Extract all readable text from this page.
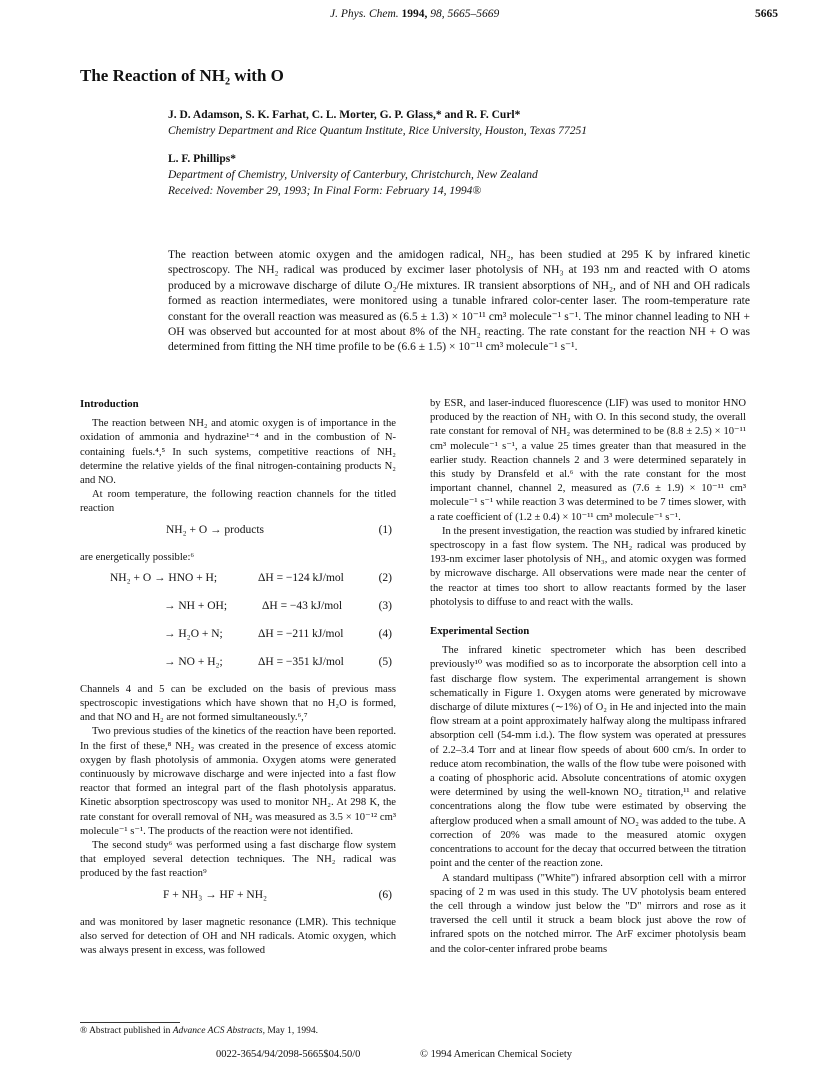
J. Phys. Chem. 1994, 98, 5665–5669	5665
The Reaction of NH₂ with O
J. D. Adamson, S. K. Farhat, C. L. Morter, G. P. Glass,* and R. F. Curl*
Chemistry Department and Rice Quantum Institute, Rice University, Houston, Texas 77251
L. F. Phillips*
Department of Chemistry, University of Canterbury, Christchurch, New Zealand
Received: November 29, 1993; In Final Form: February 14, 1994®
The reaction between atomic oxygen and the amidogen radical, NH₂, has been studied at 295 K by infrared kinetic spectroscopy. The NH₂ radical was produced by excimer laser photolysis of NH₃ at 193 nm and reacted with O atoms produced by a microwave discharge of dilute O₂/He mixtures. IR transient absorptions of NH₂, and of NH and OH radicals formed as reaction intermediates, were monitored using a tunable infrared color-center laser. The room-temperature rate constant for the overall reaction was measured as (6.5 ± 1.3) × 10⁻¹¹ cm³ molecule⁻¹ s⁻¹. The minor channel leading to NH + OH was observed but accounted for at most about 8% of the NH₂ reacting. The rate constant for the reaction NH + O was determined from fitting the NH time profile to be (6.6 ± 1.5) × 10⁻¹¹ cm³ molecule⁻¹ s⁻¹.
Introduction

The reaction between NH₂ and atomic oxygen is of importance in the oxidation of ammonia and hydrazine¹⁻⁴ and in the combustion of N-containing fuels.⁴,⁵ In such systems, competitive reactions of NH₂ determine the relative yields of the final nitrogen-containing products N₂ and NO.

At room temperature, the following reaction channels for the titled reaction

NH₂ + O → products	(1)

are energetically possible:⁶

NH₂ + O → HNO + H;	ΔH = −124 kJ/mol	(2)
→ NH + OH;	ΔH = −43 kJ/mol	(3)
→ H₂O + N;	ΔH = −211 kJ/mol	(4)
→ NO + H₂;	ΔH = −351 kJ/mol	(5)

Channels 4 and 5 can be excluded on the basis of previous mass spectroscopic investigations which have shown that no H₂O is formed, and that NO and H₂ are not formed simultaneously.⁶,⁷

Two previous studies of the kinetics of the reaction have been reported. In the first of these,⁸ NH₂ was created in the presence of excess atomic oxygen by flash photolysis of ammonia. Oxygen atoms were generated continuously by microwave discharge and were injected into a fast flow reactor that formed an integral part of the flash photolysis apparatus. Kinetic absorption spectroscopy was used to monitor NH₂. At 298 K, the rate constant for overall removal of NH₂ was measured as 3.5 × 10⁻¹² cm³ molecule⁻¹ s⁻¹. The products of the reaction were not identified.

The second study⁶ was performed using a fast discharge flow system that employed several detection techniques. The NH₂ radical was produced by the fast reaction⁹

F + NH₃ → HF + NH₂	(6)

and was monitored by laser magnetic resonance (LMR). This technique also served for detection of OH and NH radicals. Atomic oxygen, which was always present in excess, was followed

by ESR, and laser-induced fluorescence (LIF) was used to monitor HNO produced by the reaction of NH₂ with O. In this second study, the overall rate constant for removal of NH₂ was determined to be (8.8 ± 2.5) × 10⁻¹¹ cm³ molecule⁻¹ s⁻¹, a value 25 times greater than that measured in the earlier study. Reaction channels 2 and 3 were determined separately in this study by Dransfeld et al.⁶ with the rate constant for the most important channel, channel 2, measured as (7.6 ± 1.9) × 10⁻¹¹ cm³ molecule⁻¹ s⁻¹ while reaction 3 was determined to be 7 times slower, with a rate coefficient of (1.2 ± 0.4) × 10⁻¹¹ cm³ molecule⁻¹ s⁻¹.

In the present investigation, the reaction was studied by infrared kinetic spectroscopy in a fast flow system. The NH₂ radical was produced by 193-nm excimer laser photolysis of NH₃, and atomic oxygen was formed by microwave discharge. All observations were made near the center of the reactor at times too short to allow reactants formed by the laser photolysis to diffuse to and react with the walls.

Experimental Section

The infrared kinetic spectrometer which has been described previously¹⁰ was modified so as to incorporate the absorption cell into a fast discharge flow system. The experimental arrangement is shown schematically in Figure 1. Oxygen atoms were generated by microwave discharge of dilute mixtures (∼1%) of O₂ in He and injected into the main flow stream at a point approximately halfway along the multipass infrared absorption cell (54-mm i.d.). The flow system was operated at pressures of 2.2–3.4 Torr and at linear flow speeds of about 600 cm/s. In order to reduce atom recombination, the walls of the flow tube were poisoned with a coating of phosphoric acid. Absolute concentrations of atomic oxygen were determined by using the well-known NO₂ titration,¹¹ and relative concentrations along the flow tube were estimated by observing the afterglow produced when a small amount of NO₂ was added to the tube. A correction of 20% was made to the measured atomic oxygen concentrations to account for the decay that occurred between the titration point and the center of the reaction zone.

A standard multipass ("White") infrared absorption cell with a mirror spacing of 2 m was used in this study. The UV photolysis beam entered the cell through a window just below the "D" mirrors and rose as it traversed the cell until it struck a beam block just above the row of infrared spots on the notched mirror. The ArF excimer photolysis beam and the color-center infrared probe beams

® Abstract published in Advance ACS Abstracts, May 1, 1994.
0022-3654/94/2098-5665$04.50/0	© 1994 American Chemical Society
